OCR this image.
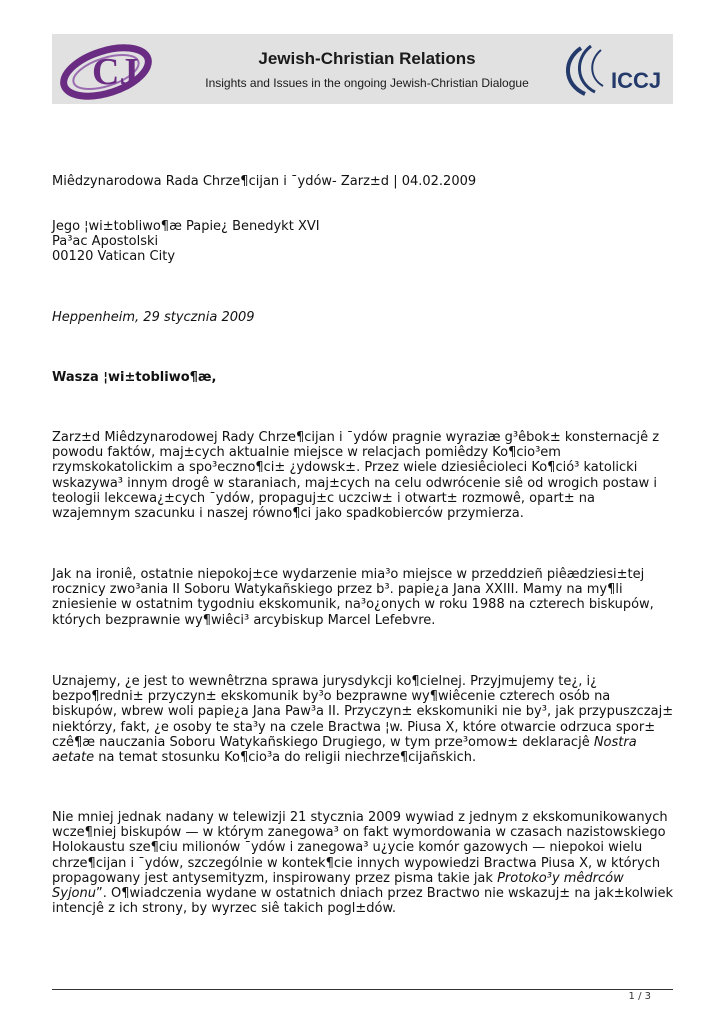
CJ	Jewish-Christian Relations
Insights and Issues in the ongoing Jewish-Christian Dialogue	ICCJ

Miêdzynarodowa Rada Chrze¶cijan i ¯ydów- Zarz±d | 04.02.2009

Jego ¦wi±tobliwo¶æ Papie¿ Benedykt XVI
Pa³ac Apostolski
00120 Vatican City

Heppenheim, 29 stycznia 2009

Wasza ¦wi±tobliwo¶æ,

Zarz±d Miêdzynarodowej Rady Chrze¶cijan i ¯ydów pragnie wyraziæ g³êbok± konsternacjê z powodu faktów, maj±cych aktualnie miejsce w relacjach pomiêdzy Ko¶cio³em rzymskokatolickim a spo³eczno¶ci± ¿ydowsk±. Przez wiele dziesiêcioleci Ko¶ció³ katolicki wskazywa³ innym drogê w staraniach, maj±cych na celu odwrócenie siê od wrogich postaw i teologii lekcewa¿±cych ¯ydów, propaguj±c uczciw± i otwart± rozmowê, opart± na wzajemnym szacunku i naszej równo¶ci jako spadkobierców przymierza.

Jak na ironiê, ostatnie niepokoj±ce wydarzenie mia³o miejsce w przeddzieñ piêædziesi±tej rocznicy zwo³ania II Soboru Watykañskiego przez b³. papie¿a Jana XXIII. Mamy na my¶li zniesienie w ostatnim tygodniu ekskomunik, na³o¿onych w roku 1988 na czterech biskupów, których bezprawnie wy¶wiêci³ arcybiskup Marcel Lefebvre.

Uznajemy, ¿e jest to wewnêtrzna sprawa jurysdykcji ko¶cielnej. Przyjmujemy te¿, i¿ bezpo¶redni± przyczyn± ekskomunik by³o bezprawne wy¶wiêcenie czterech osób na biskupów, wbrew woli papie¿a Jana Paw³a II. Przyczyn± ekskomuniki nie by³, jak przypuszczaj± niektórzy, fakt, ¿e osoby te sta³y na czele Bractwa ¦w. Piusa X, które otwarcie odrzuca spor± czê¶æ nauczania Soboru Watykañskiego Drugiego, w tym prze³omow± deklaracjê Nostra aetate na temat stosunku Ko¶cio³a do religii niechrze¶cijañskich.

Nie mniej jednak nadany w telewizji 21 stycznia 2009 wywiad z jednym z ekskomunikowanych wcze¶niej biskupów — w którym zanegowa³ on fakt wymordowania w czasach nazistowskiego Holokaustu sze¶ciu milionów ¯ydów i zanegowa³ u¿ycie komór gazowych — niepokoi wielu chrze¶cijan i ¯ydów, szczególnie w kontek¶cie innych wypowiedzi Bractwa Piusa X, w których propagowany jest antysemityzm, inspirowany przez pisma takie jak Protoko³y mêdrców Syjonu”. O¶wiadczenia wydane w ostatnich dniach przez Bractwo nie wskazuj± na jak±kolwiek intencjê z ich strony, by wyrzec siê takich pogl±dów.

1 / 3
